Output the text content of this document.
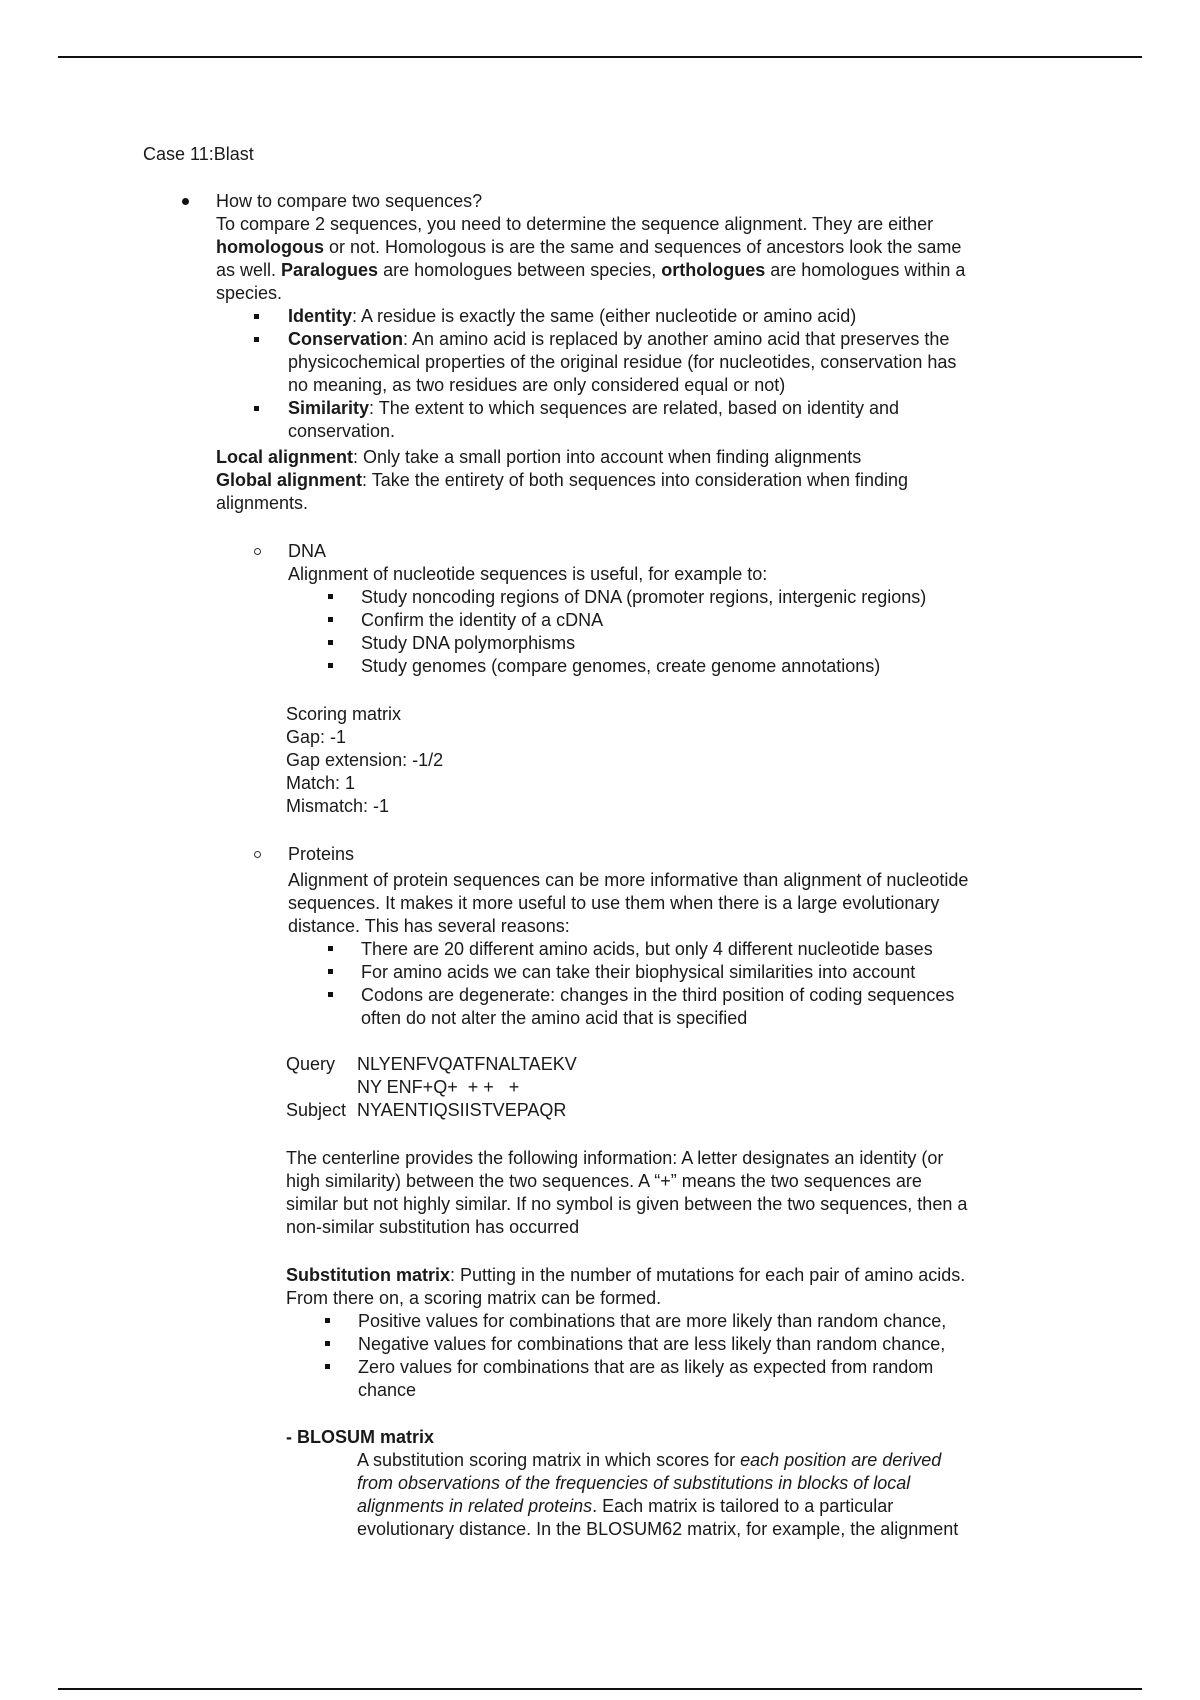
Case 11:Blast
How to compare two sequences?
To compare 2 sequences, you need to determine the sequence alignment. They are either
homologous or not. Homologous is are the same and sequences of ancestors look the same
as well. Paralogues are homologues between species, orthologues are homologues within a
species.
Identity: A residue is exactly the same (either nucleotide or amino acid)
Conservation: An amino acid is replaced by another amino acid that preserves the
physicochemical properties of the original residue (for nucleotides, conservation has
no meaning, as two residues are only considered equal or not)
Similarity: The extent to which sequences are related, based on identity and
conservation.
Local alignment: Only take a small portion into account when finding alignments
Global alignment: Take the entirety of both sequences into consideration when finding
alignments.
DNA
Alignment of nucleotide sequences is useful, for example to:
Study noncoding regions of DNA (promoter regions, intergenic regions)
Confirm the identity of a cDNA
Study DNA polymorphisms
Study genomes (compare genomes, create genome annotations)
Scoring matrix
Gap: -1
Gap extension: -1/2
Match: 1
Mismatch: -1
Proteins
Alignment of protein sequences can be more informative than alignment of nucleotide
sequences. It makes it more useful to use them when there is a large evolutionary
distance. This has several reasons:
There are 20 different amino acids, but only 4 different nucleotide bases
For amino acids we can take their biophysical similarities into account
Codons are degenerate: changes in the third position of coding sequences
often do not alter the amino acid that is specified
Query NLYENFVQATFNALTAEKV
NY ENF+Q+  + +   +
Subject NYAENTIQSIISTVEPAQR
The centerline provides the following information: A letter designates an identity (or
high similarity) between the two sequences. A “+” means the two sequences are
similar but not highly similar. If no symbol is given between the two sequences, then a
non-similar substitution has occurred
Substitution matrix: Putting in the number of mutations for each pair of amino acids.
From there on, a scoring matrix can be formed.
Positive values for combinations that are more likely than random chance,
Negative values for combinations that are less likely than random chance,
Zero values for combinations that are as likely as expected from random
chance
- BLOSUM matrix
A substitution scoring matrix in which scores for each position are derived
from observations of the frequencies of substitutions in blocks of local
alignments in related proteins. Each matrix is tailored to a particular
evolutionary distance. In the BLOSUM62 matrix, for example, the alignment
